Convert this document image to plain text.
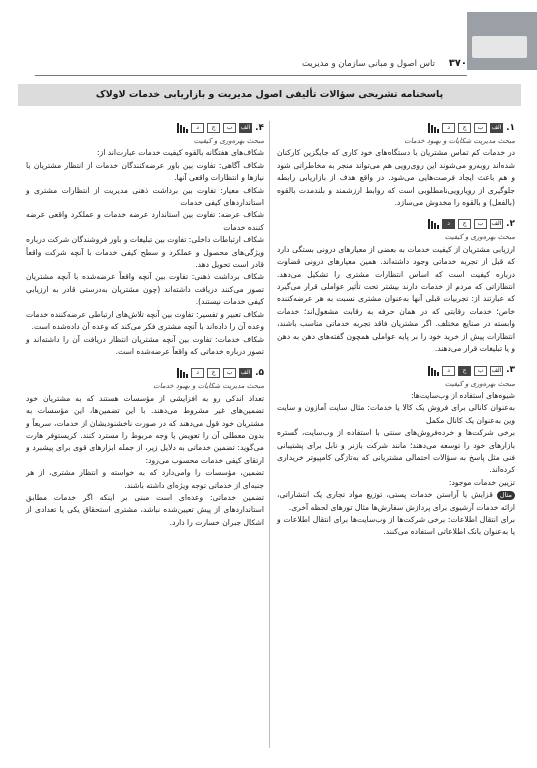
۳۷۰
تاس اصول و مبانی سازمان و مدیریت
پاسخنامه تشریحی سؤالات تألیفی اصول مدیریت و بازاریابی خدمات لاولاک
۱.
الف
ب
ج
د
مبحث مدیریت شکایات و بهبود خدمات

در خدمات کم تماس مشتریان با دستگاه‌های خود کاری که جایگزین کارکنان شده‌اند روبه‌رو می‌شوند این روی‌رویی هم می‌تواند منجر به مخاطراتی شود و هم باعث ایجاد فرصت‌هایی می‌شود. در واقع هدف از بازاریابی رابطه جلوگیری از رویارویی‌نامطلوبی است که روابط ارزشمند و بلندمدت بالقوه (بالفعل) و بالقوه را مخدوش می‌سازد.

۲.
الف
ب
ج
د
مبحث بهره‌وری و کیفیت

ارزیابی مشتریان از کیفیت خدمات به بعضی از معیارهای درونی بستگی دارد که قبل از تجربه خدماتی وجود داشته‌اند. همین معیارهای درونی قضاوت درباره کیفیت است که اساس انتظارات مشتری را تشکیل می‌دهد. انتظاراتی که مردم از خدمات دارند بیشتر تحت تأثیر عواملی قرار می‌گیرد که عبارتند از: تجربیات قبلی آنها به‌عنوان مشتری نسبت به هر عرضه‌کننده خاص؛ خدمات رقابتی که در همان حرفه به رقابت مشغول‌اند؛ خدمات وابسته در صنایع مختلف. اگر مشتریان فاقد تجربه خدماتی مناسب باشند، انتظارات پیش از خرید خود را بر پایه عواملی همچون گفته‌های دهن به دهن و یا تبلیغات قرار می‌دهند.

۳.
الف
ب
ج
د
مبحث بهره‌وری و کیفیت

شیوه‌های استفاده از وب‌سایت‌ها:

به‌عنوان کانالی برای فروش یک کالا یا خدمات: مثال سایت آمازون و سایت وین به‌عنوان یک کانال مکمل

برخی شرکت‌ها و خرده‌فروش‌های سنتی با استفاده از وب‌سایت، گستره بازارهای خود را توسعه می‌دهند؛ مانند شرکت بازنر و نابل برای پشتیبانی فنی مثل پاسخ به سؤالات احتمالی مشتریانی که به‌تازگی کامپیوتر خریداری کرده‌اند.

تزیین خدمات موجود:

مثال قزایش یا آراستن خدمات پستی، توزیع مواد تجاری یک انتشاراتی، ارائه خدمات آرشیوی برای پردازش سفارش‌ها مثال تورهای لحظه آخری.

برای انتقال اطلاعات: برخی شرکت‌ها از وب‌سایت‌ها برای انتقال اطلاعات و یا به‌عنوان بانک اطلاعاتی استفاده می‌کنند.

۴.
الف
ب
ج
د
مبحث بهره‌وری و کیفیت

شکاف‌های هفتگانه بالقوه کیفیت خدمات عبارت‌اند از:

شکاف آگاهی: تفاوت بین باور عرضه‌کنندگان خدمات از انتظار مشتریان با نیازها و انتظارات واقعی آنها.

شکاف معیار: تفاوت بین برداشت ذهنی مدیریت از انتظارات مشتری و استانداردهای کیفی خدمات

شکاف عرضه: تفاوت بین استاندارد عرضه خدمات و عملکرد واقعی عرضه کننده خدمات

شکاف ارتباطات داخلی: تفاوت بین تبلیغات و باور فروشندگان شرکت درباره ویژگی‌های محصول و عملکرد و سطح کیفی خدمات با آنچه شرکت واقعاً قادر است تحویل دهد.

شکاف برداشت ذهنی: تفاوت بین آنچه واقعاً عرضه‌شده با آنچه مشتریان تصور می‌کنند دریافت داشته‌اند (چون مشتریان به‌درستی قادر به ارزیابی کیفی خدمات نیستند).

شکاف تعبیر و تفسیر: تفاوت بین آنچه تلاش‌های ارتباطی عرضه‌کننده خدمات وعده آن را داده‌اند با آنچه مشتری فکر می‌کند که وعده آن داده‌شده است.

شکاف خدمات: تفاوت بین آنچه مشتریان انتظار دریافت آن را داشته‌اند و تصور درباره خدماتی که واقعاً عرضه‌شده است.

۵.
الف
ب
ج
د
مبحث مدیریت شکایات و بهبود خدمات

تعداد اندکی رو به افزایشی از مؤسسات هستند که به مشتریان خود تضمین‌های غیر مشروط می‌دهند. با این تضمین‌ها، این مؤسسات به مشتریان خود قول می‌دهند که در صورت ناخشنودیشان از خدمات، سریعاً و بدون معطلی آن را تعویض یا وجه مربوط را مسترد کنند. کریستوفر هارت می‌گوید: تضمین خدماتی به دلایل زیر، از جمله ابزارهای قوی برای پیشبرد و ارتقای کیفی خدمات محسوب می‌رود:

تضمین، مؤسسات را وامی‌دارد که به خواسته و انتظار مشتری، از هر جنبه‌ای از خدماتی توجه ویژه‌ای داشته باشند.

تضمین خدماتی: وعده‌ای است مبنی بر اینکه اگر خدمات مطابق استانداردهای از پیش تعیین‌شده نباشد، مشتری استحقاق یکی یا تعدادی از اشکال جبران خسارت را دارد.
